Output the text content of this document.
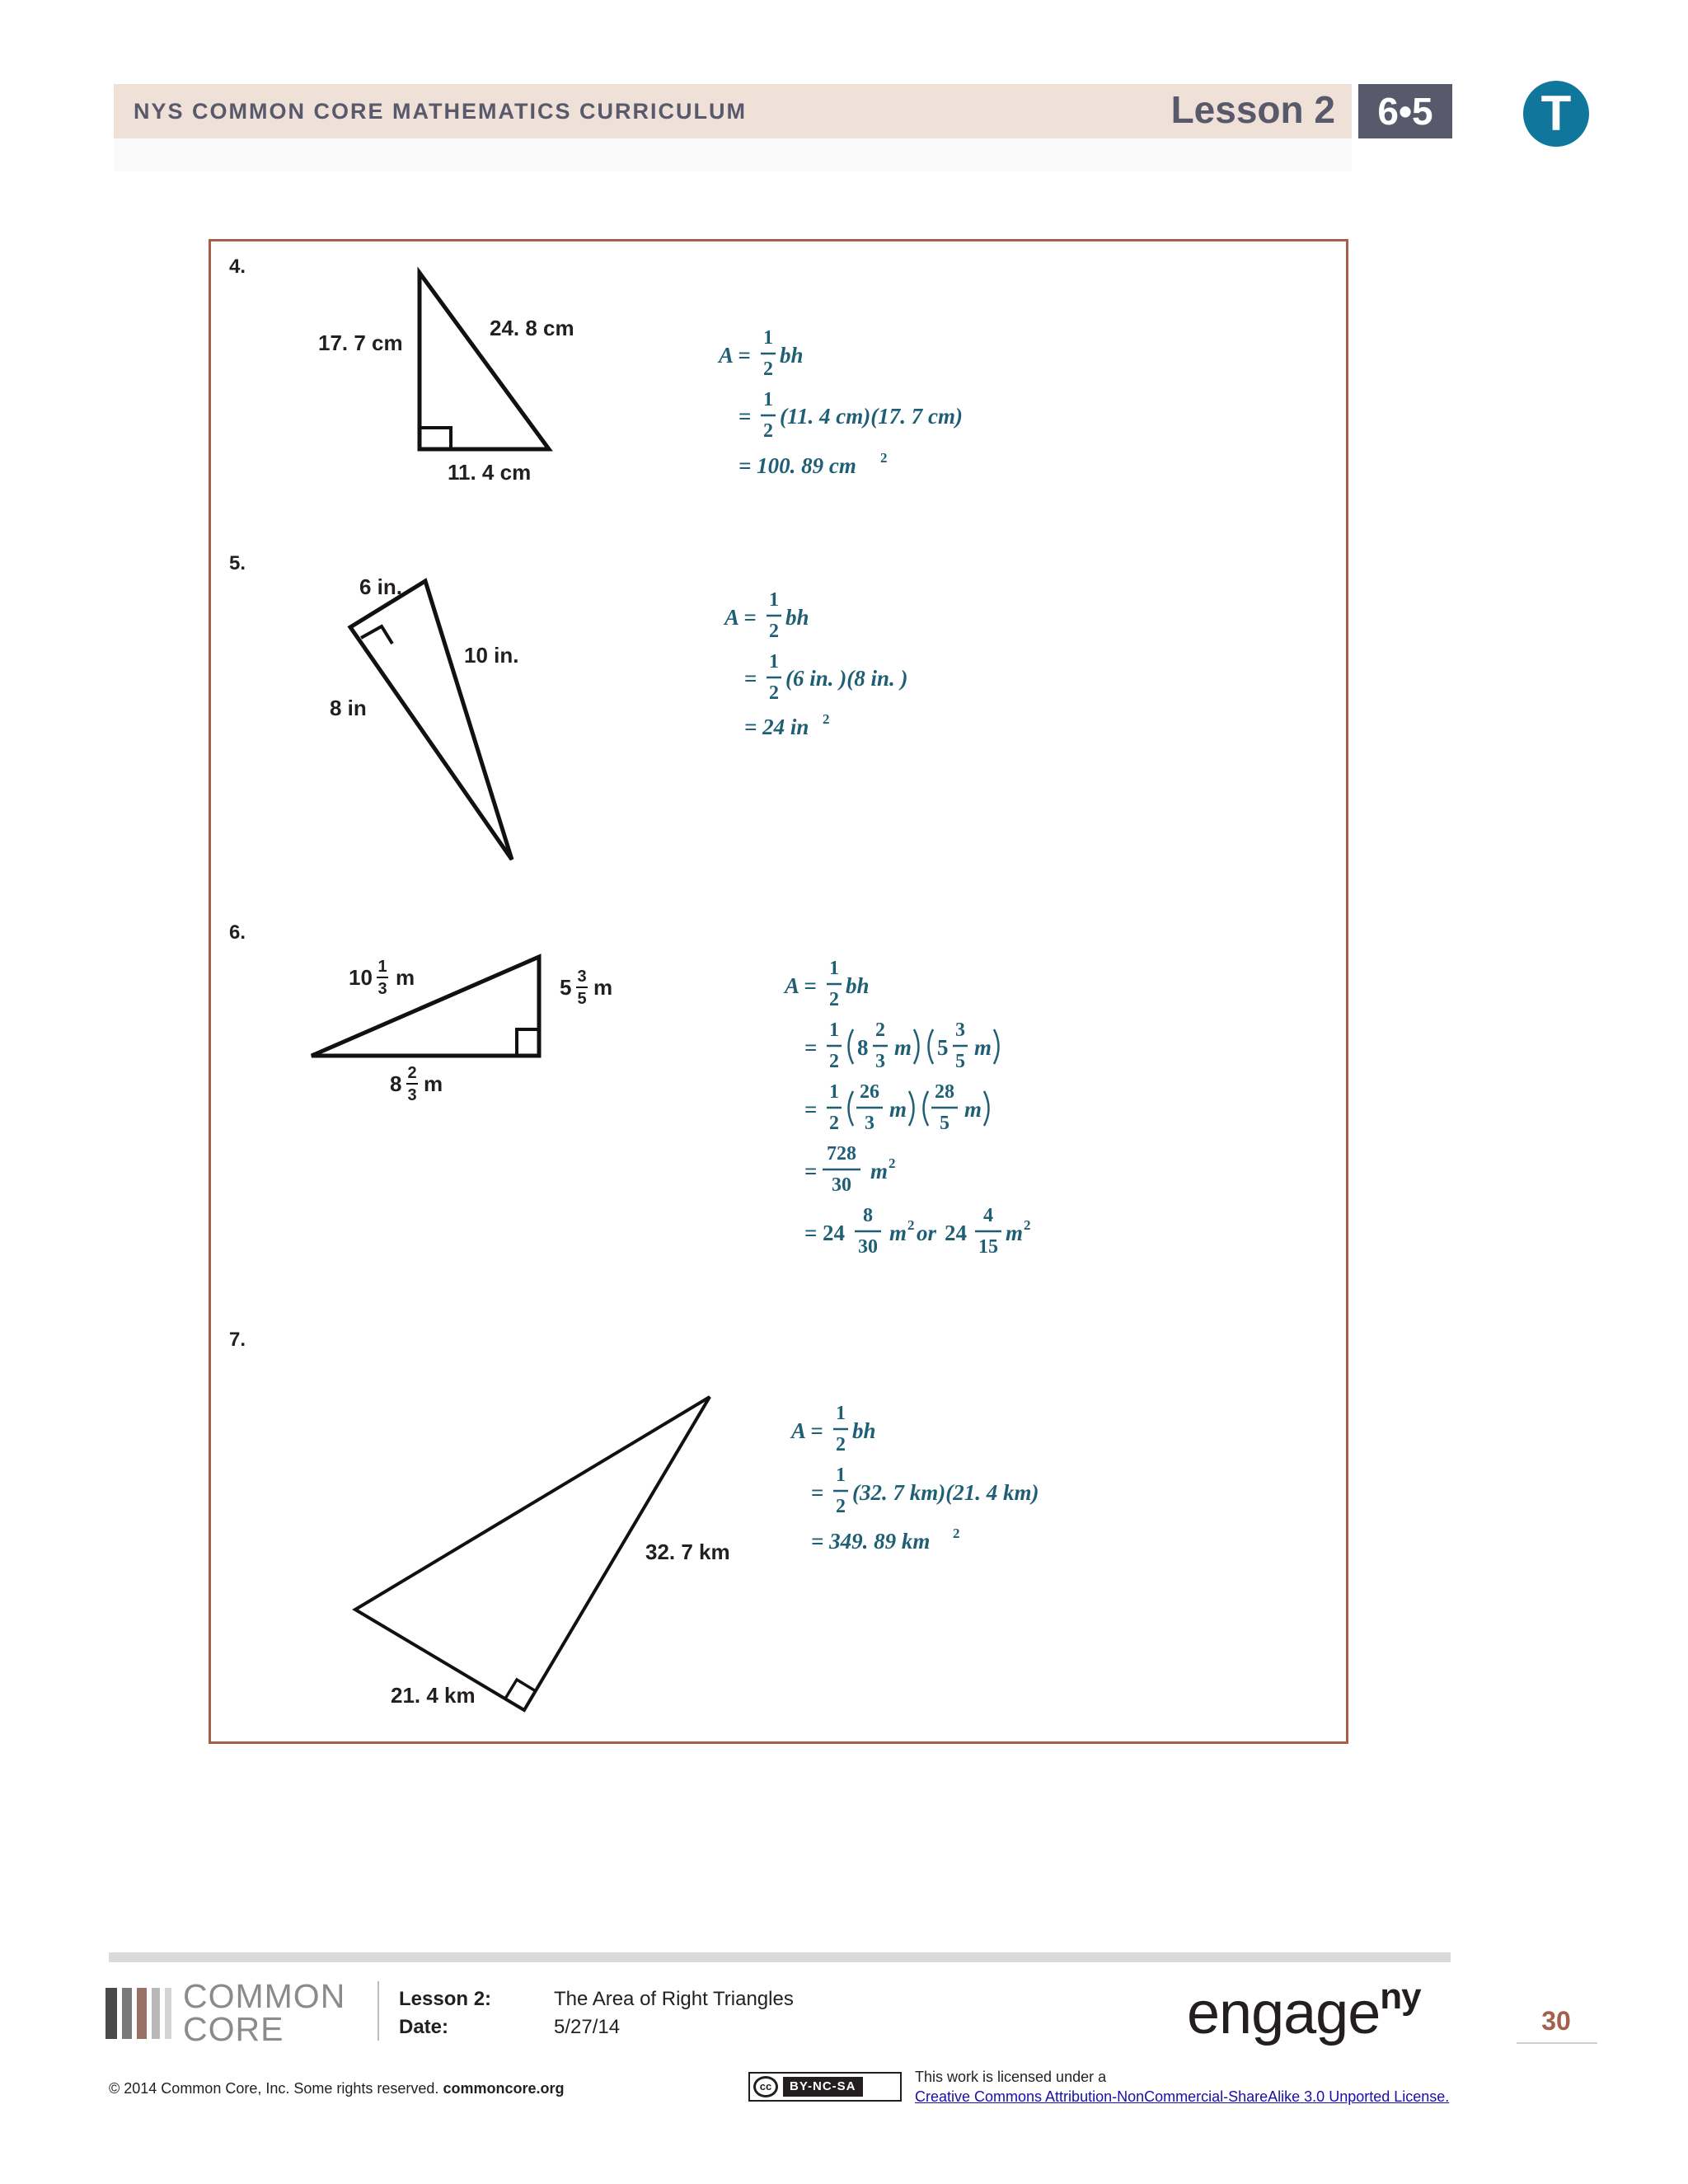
NYS COMMON CORE MATHEMATICS CURRICULUM	Lesson 2	6•5	T
4.
17. 7 cm
24. 8 cm
11. 4 cm
A =
1
2
bh
=
1
2
(11. 4 cm)(17. 7 cm)
= 100. 89 cm 2
5.
6 in.
10 in.
8 in
A =
1
2
bh
=
1
2
(6 in. )(8 in. )
= 24 in 2
6.
10 1
3 m	5 3
5 m
8 2
3 m
A =
1
2
bh
=
1
2
8
2
3
m 5
3
5
m
=
1
2
26
3
m
28
5
m
=
728
30
m 2
= 24
8
30
m 2 or 24
4
15
m 2
7.
32. 7 km
21. 4 km
A =
1
2
bh
=
1
2
(32. 7 km)(21. 4 km)
= 349. 89 km 2
COMMON
CORE
Lesson 2:
Date:
The Area of Right Triangles
5/27/14	engage$^{ny}$
30
© 2014 Common Core, Inc. Some rights reserved. commoncore.org	cc	BY-NC-SA
This work is licensed under a
Creative Commons Attribution-NonCommercial-ShareAlike 3.0 Unported License.
